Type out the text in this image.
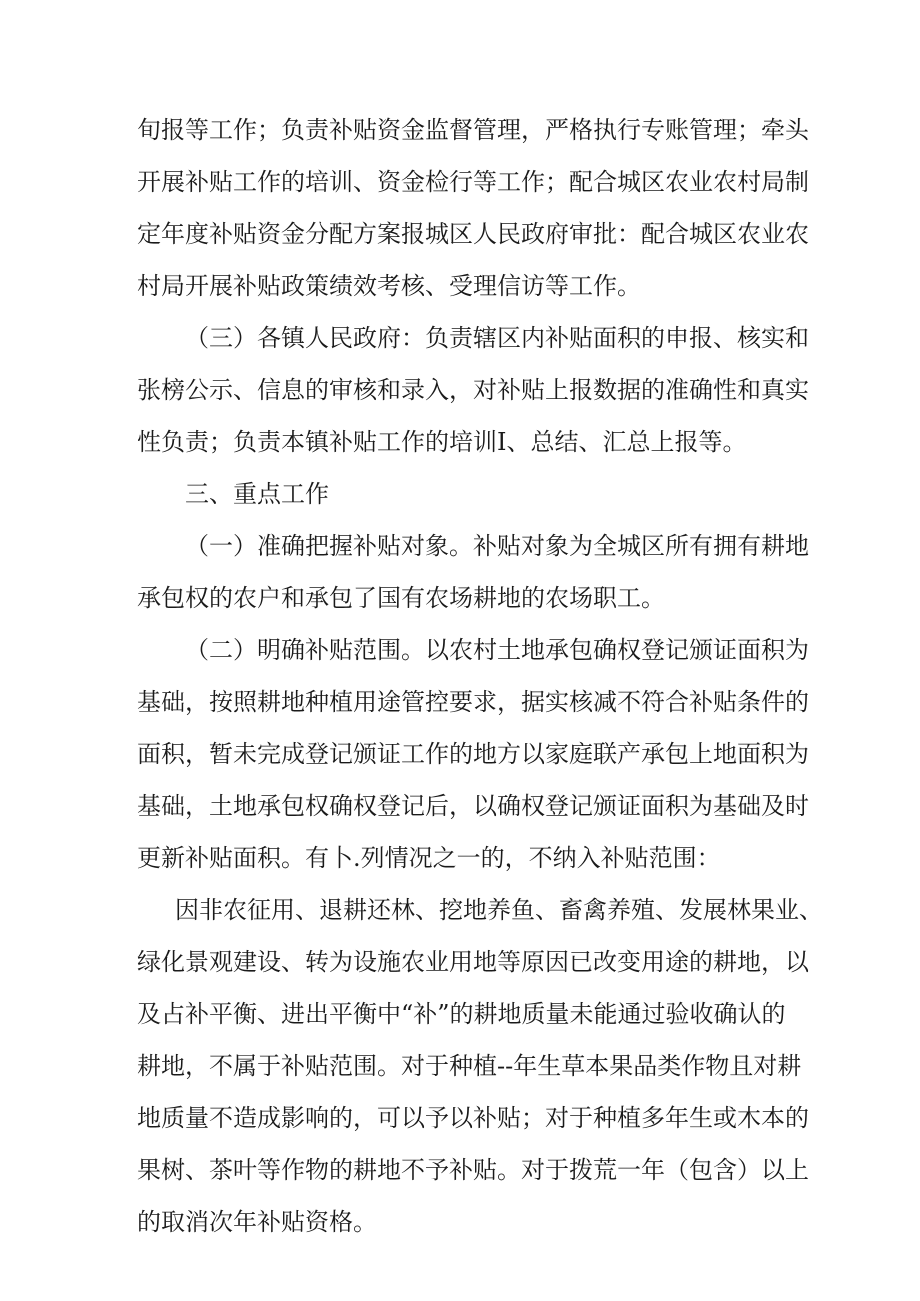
旬报等工作；负责补贴资金监督管理，严格执行专账管理；牵头
开展补贴工作的培训、资金检行等工作；配合城区农业农村局制
定年度补贴资金分配方案报城区人民政府审批：配合城区农业农
村局开展补贴政策绩效考核、受理信访等工作。
（三）各镇人民政府：负责辖区内补贴面积的申报、核实和
张榜公示、信息的审核和录入，对补贴上报数据的准确性和真实
性负责；负责本镇补贴工作的培训I、总结、汇总上报等。
三、重点工作
（一）准确把握补贴对象。补贴对象为全城区所有拥有耕地
承包权的农户和承包了国有农场耕地的农场职工。
（二）明确补贴范围。以农村土地承包确权登记颁证面积为
基础，按照耕地种植用途管控要求，据实核减不符合补贴条件的
面积，暂未完成登记颁证工作的地方以家庭联产承包上地面积为
基础，土地承包权确权登记后，以确权登记颁证面积为基础及时
更新补贴面积。有卜.列情况之一的，不纳入补贴范围：
因非农征用、退耕还林、挖地养鱼、畜禽养殖、发展林果业、
绿化景观建设、转为设施农业用地等原因已改变用途的耕地，以
及占补平衡、进出平衡中“补”的耕地质量未能通过验收确认的
耕地，不属于补贴范围。对于种植--年生草本果品类作物且对耕
地质量不造成影响的，可以予以补贴；对于种植多年生或木本的
果树、茶叶等作物的耕地不予补贴。对于拨荒一年（包含）以上
的取消次年补贴资格。
